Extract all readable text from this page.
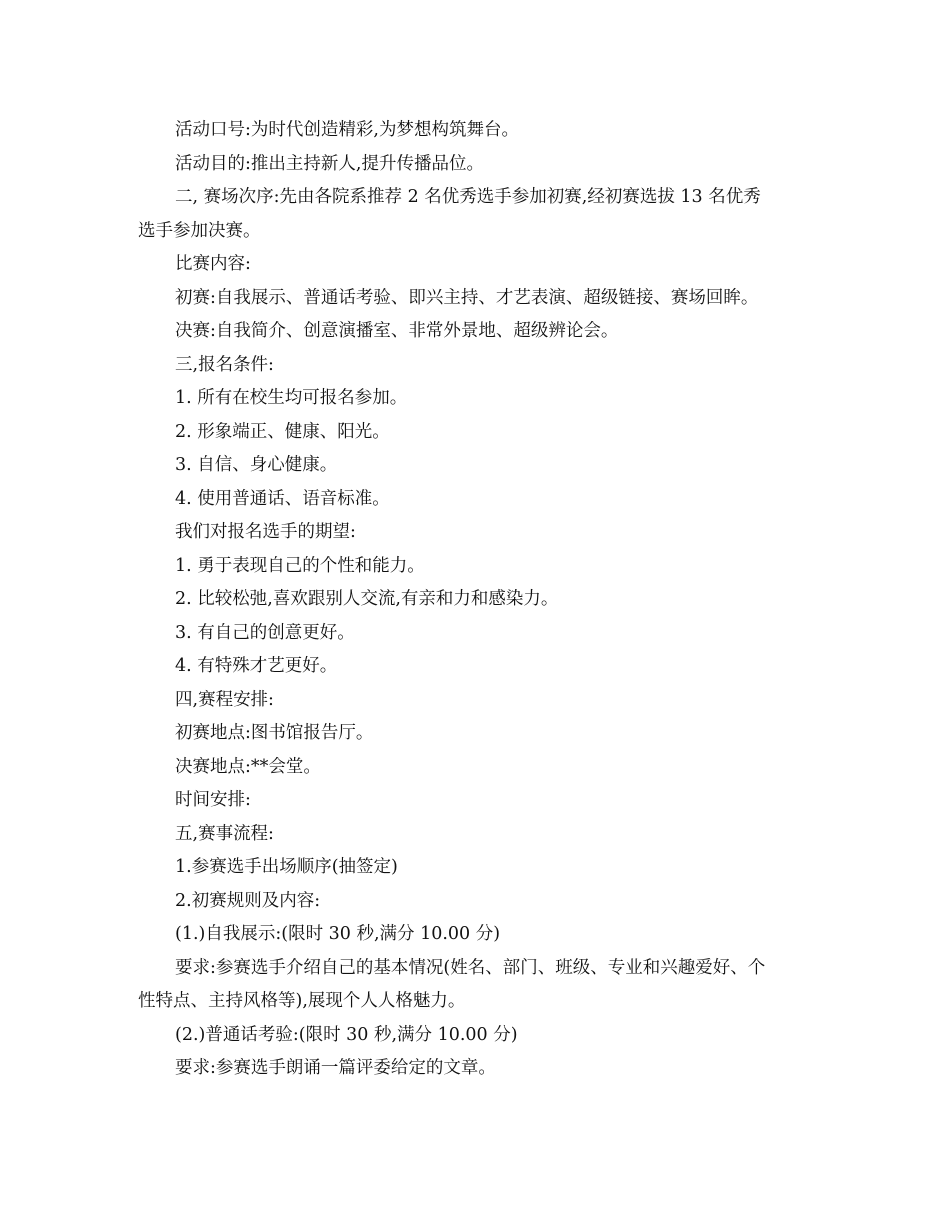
活动口号:为时代创造精彩,为梦想构筑舞台。

活动目的:推出主持新人,提升传播品位。

二, 赛场次序:先由各院系推荐 2 名优秀选手参加初赛,经初赛选拔 13 名优秀

选手参加决赛。

比赛内容:

初赛:自我展示、普通话考验、即兴主持、才艺表演、超级链接、赛场回眸。

决赛:自我简介、创意演播室、非常外景地、超级辨论会。

三,报名条件:

1. 所有在校生均可报名参加。

2. 形象端正、健康、阳光。

3. 自信、身心健康。

4. 使用普通话、语音标准。

我们对报名选手的期望:

1. 勇于表现自己的个性和能力。

2. 比较松弛,喜欢跟别人交流,有亲和力和感染力。

3. 有自己的创意更好。

4. 有特殊才艺更好。

四,赛程安排:

初赛地点:图书馆报告厅。

决赛地点:**会堂。

时间安排:

五,赛事流程:

1.参赛选手出场顺序(抽签定)

2.初赛规则及内容:

(1.)自我展示:(限时 30 秒,满分 10.00 分)

要求:参赛选手介绍自己的基本情况(姓名、部门、班级、专业和兴趣爱好、个

性特点、主持风格等),展现个人人格魅力。

(2.)普通话考验:(限时 30 秒,满分 10.00 分)

要求:参赛选手朗诵一篇评委给定的文章。
